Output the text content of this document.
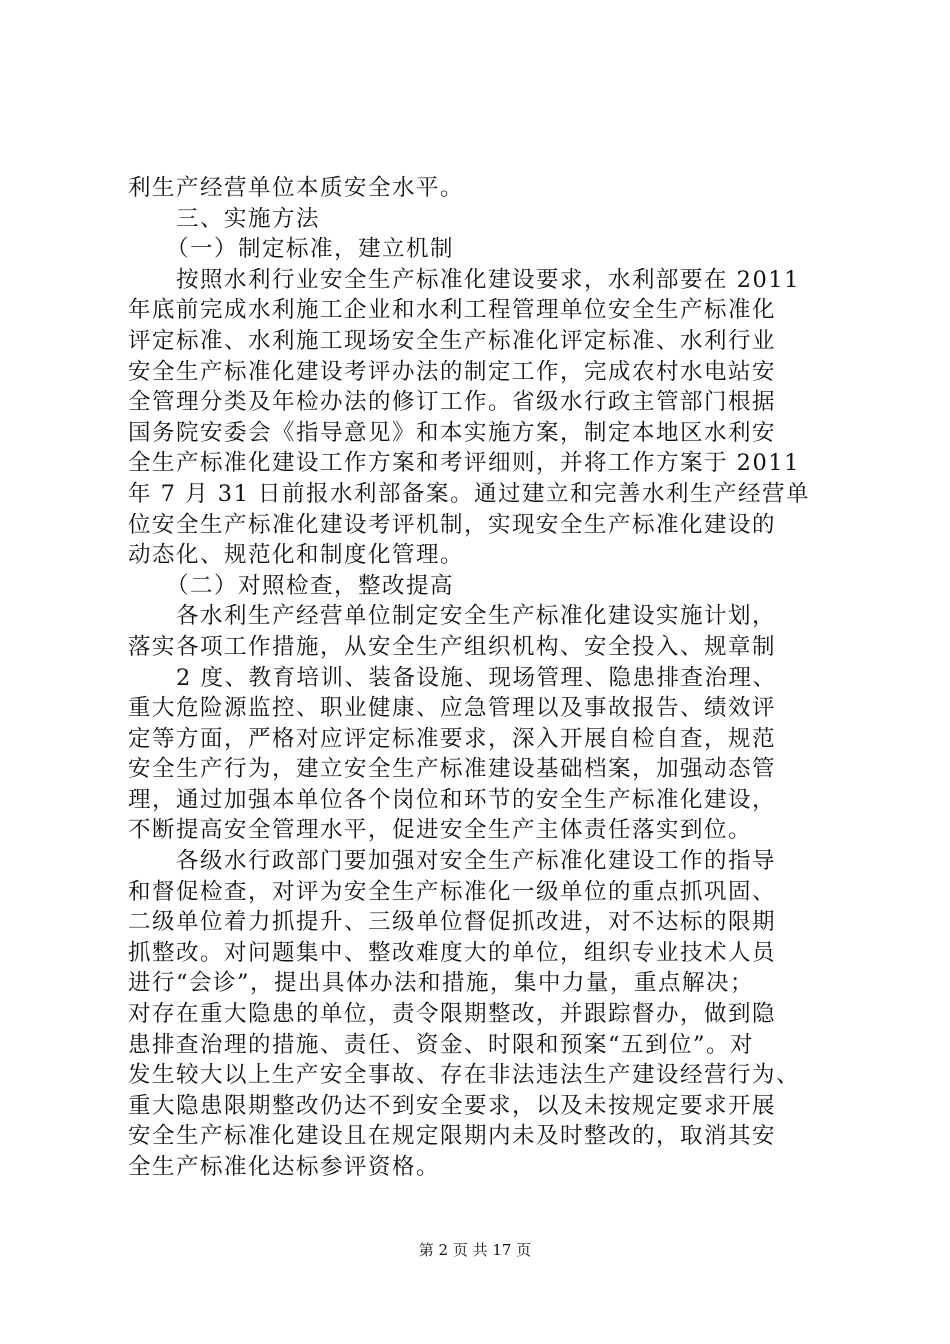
利生产经营单位本质安全水平。
三、实施方法
（一）制定标准，建立机制
按照水利行业安全生产标准化建设要求，水利部要在 2011
年底前完成水利施工企业和水利工程管理单位安全生产标准化
评定标准、水利施工现场安全生产标准化评定标准、水利行业
安全生产标准化建设考评办法的制定工作，完成农村水电站安
全管理分类及年检办法的修订工作。省级水行政主管部门根据
国务院安委会《指导意见》和本实施方案，制定本地区水利安
全生产标准化建设工作方案和考评细则，并将工作方案于 2011
年 7 月 31 日前报水利部备案。通过建立和完善水利生产经营单
位安全生产标准化建设考评机制，实现安全生产标准化建设的
动态化、规范化和制度化管理。
（二）对照检查，整改提高
各水利生产经营单位制定安全生产标准化建设实施计划，
落实各项工作措施，从安全生产组织机构、安全投入、规章制
2 度、教育培训、装备设施、现场管理、隐患排查治理、
重大危险源监控、职业健康、应急管理以及事故报告、绩效评
定等方面，严格对应评定标准要求，深入开展自检自查，规范
安全生产行为，建立安全生产标准建设基础档案，加强动态管
理，通过加强本单位各个岗位和环节的安全生产标准化建设，
不断提高安全管理水平，促进安全生产主体责任落实到位。
各级水行政部门要加强对安全生产标准化建设工作的指导
和督促检查，对评为安全生产标准化一级单位的重点抓巩固、
二级单位着力抓提升、三级单位督促抓改进，对不达标的限期
抓整改。对问题集中、整改难度大的单位，组织专业技术人员
进行“会诊”，提出具体办法和措施，集中力量，重点解决；
对存在重大隐患的单位，责令限期整改，并跟踪督办，做到隐
患排查治理的措施、责任、资金、时限和预案“五到位”。对
发生较大以上生产安全事故、存在非法违法生产建设经营行为、
重大隐患限期整改仍达不到安全要求，以及未按规定要求开展
安全生产标准化建设且在规定限期内未及时整改的，取消其安
全生产标准化达标参评资格。
第 2 页 共 17 页
